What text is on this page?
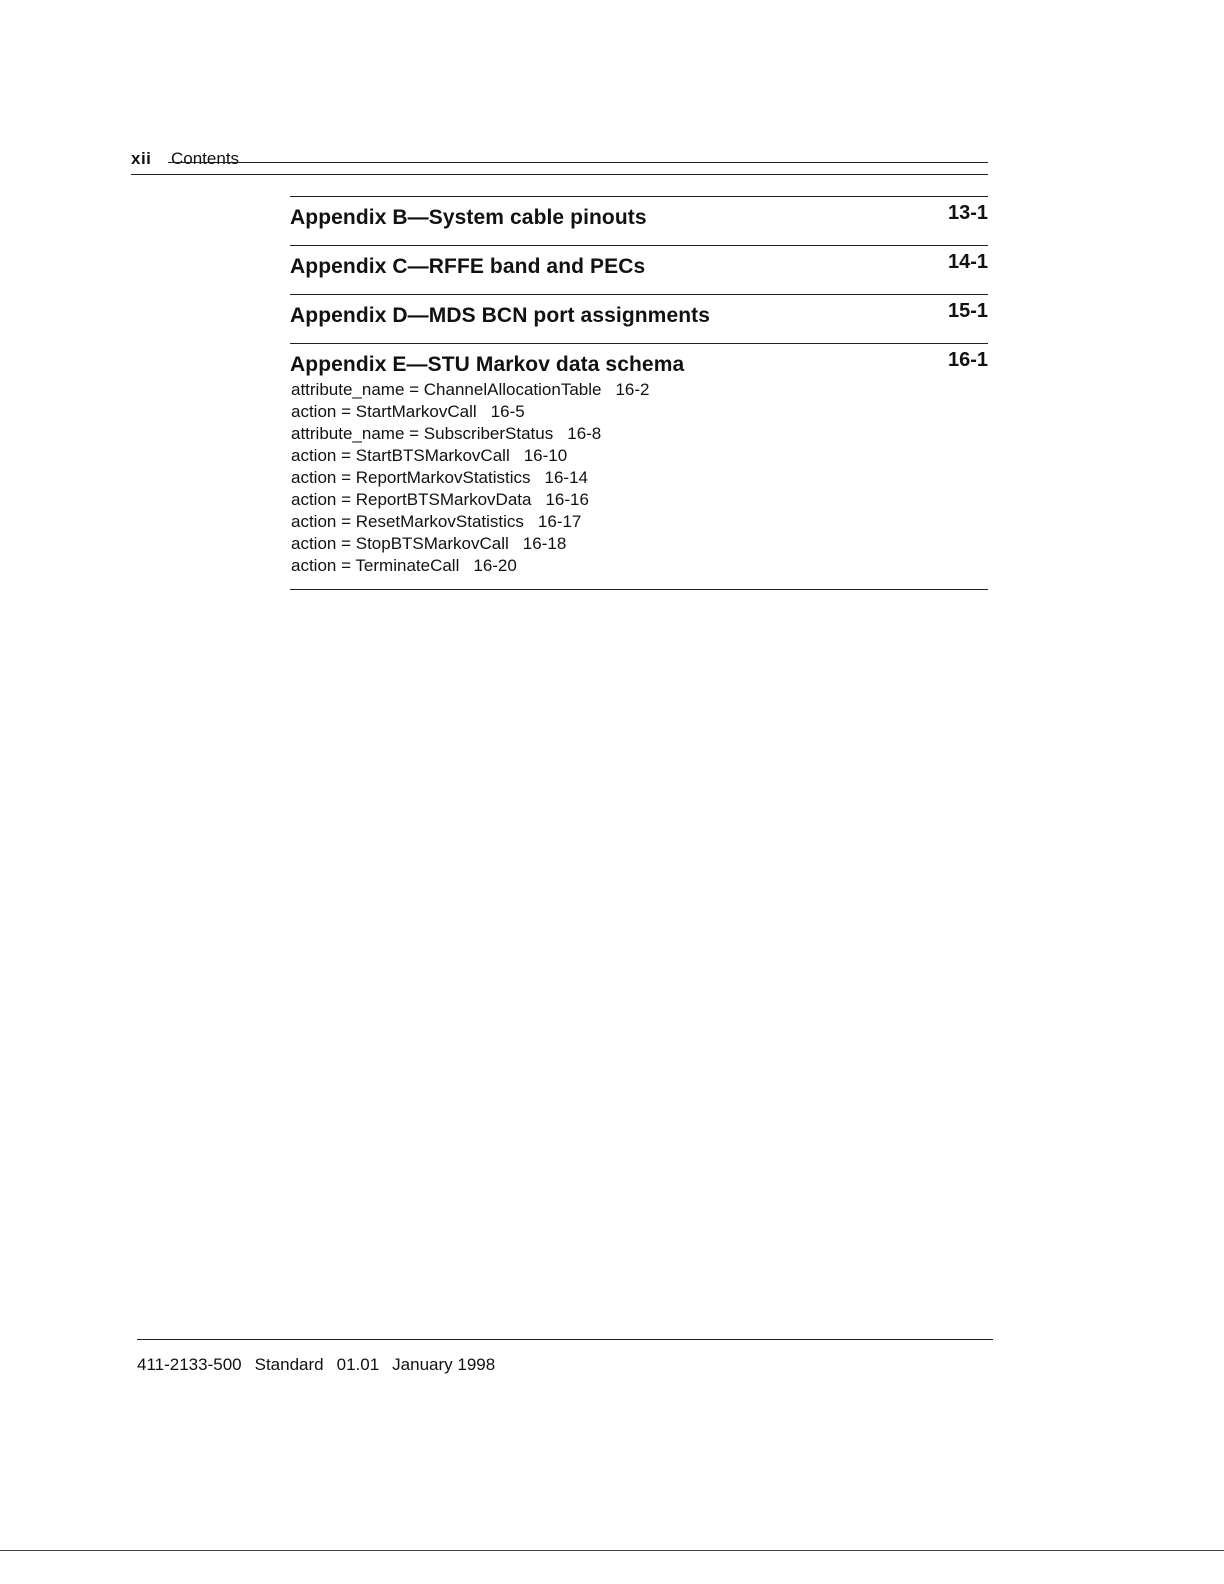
xii Contents
Appendix B—System cable pinouts	13-1
Appendix C—RFFE band and PECs	14-1
Appendix D—MDS BCN port assignments	15-1
Appendix E—STU Markov data schema	16-1
attribute_name = ChannelAllocationTable 16-2
action = StartMarkovCall 16-5
attribute_name = SubscriberStatus 16-8
action = StartBTSMarkovCall 16-10
action = ReportMarkovStatistics 16-14
action = ReportBTSMarkovData 16-16
action = ResetMarkovStatistics 16-17
action = StopBTSMarkovCall 16-18
action = TerminateCall 16-20
411-2133-500 Standard 01.01 January 1998
